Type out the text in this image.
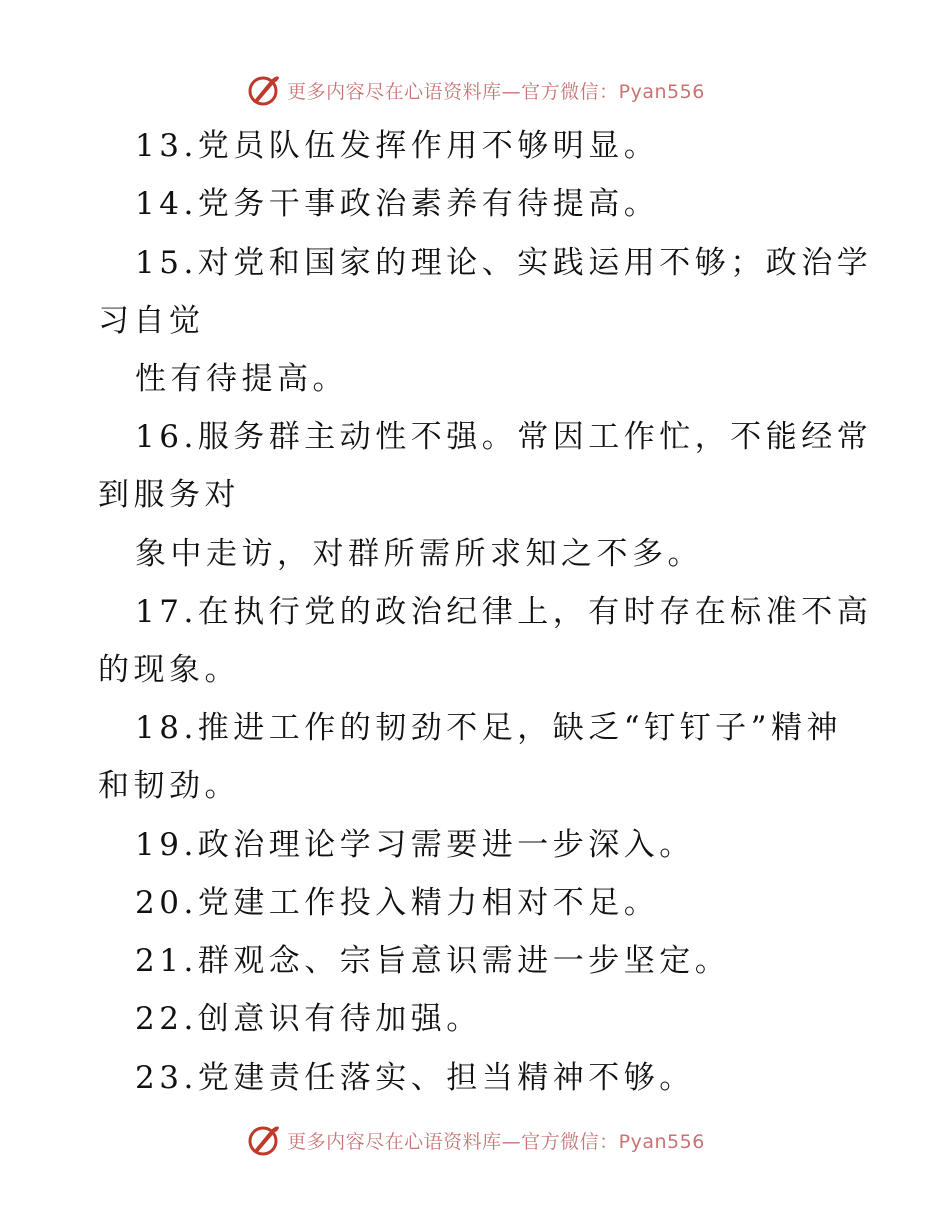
更多内容尽在心语资料库—官方微信：Pyan556
13.党员队伍发挥作用不够明显。
14.党务干事政治素养有待提高。
15.对党和国家的理论、实践运用不够；政治学
习自觉
性有待提高。
16.服务群主动性不强。常因工作忙，不能经常
到服务对
象中走访，对群所需所求知之不多。
17.在执行党的政治纪律上，有时存在标准不高
的现象。
18.推进工作的韧劲不足，缺乏“钉钉子”精神
和韧劲。
19.政治理论学习需要进一步深入。
20.党建工作投入精力相对不足。
21.群观念、宗旨意识需进一步坚定。
22.创意识有待加强。
23.党建责任落实、担当精神不够。
更多内容尽在心语资料库—官方微信：Pyan556
